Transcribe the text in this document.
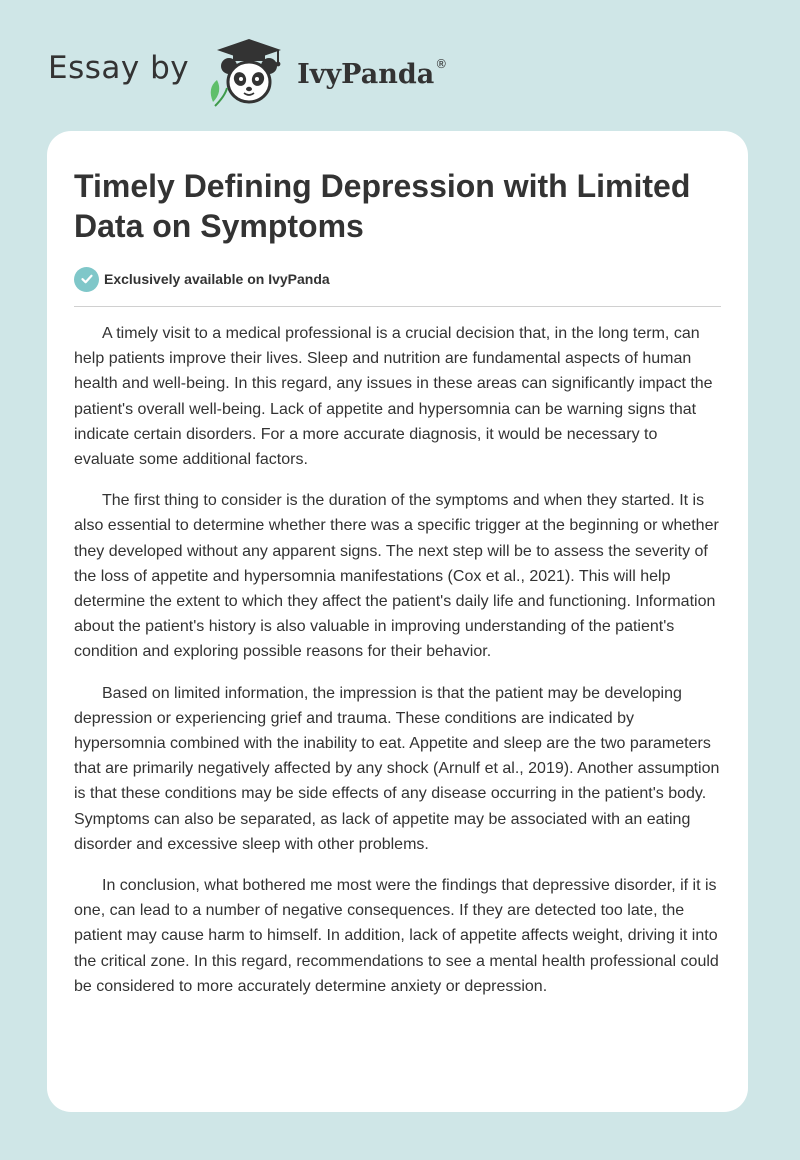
Essay by	IvyPanda ®
Timely Defining Depression with Limited Data on Symptoms
Exclusively available on IvyPanda

A timely visit to a medical professional is a crucial decision that, in the long term, can help patients improve their lives. Sleep and nutrition are fundamental aspects of human health and well-being. In this regard, any issues in these areas can significantly impact the patient's overall well-being. Lack of appetite and hypersomnia can be warning signs that indicate certain disorders. For a more accurate diagnosis, it would be necessary to evaluate some additional factors.

The first thing to consider is the duration of the symptoms and when they started. It is also essential to determine whether there was a specific trigger at the beginning or whether they developed without any apparent signs. The next step will be to assess the severity of the loss of appetite and hypersomnia manifestations (Cox et al., 2021). This will help determine the extent to which they affect the patient's daily life and functioning. Information about the patient's history is also valuable in improving understanding of the patient's condition and exploring possible reasons for their behavior.

Based on limited information, the impression is that the patient may be developing depression or experiencing grief and trauma. These conditions are indicated by hypersomnia combined with the inability to eat. Appetite and sleep are the two parameters that are primarily negatively affected by any shock (Arnulf et al., 2019). Another assumption is that these conditions may be side effects of any disease occurring in the patient's body. Symptoms can also be separated, as lack of appetite may be associated with an eating disorder and excessive sleep with other problems.

In conclusion, what bothered me most were the findings that depressive disorder, if it is one, can lead to a number of negative consequences. If they are detected too late, the patient may cause harm to himself. In addition, lack of appetite affects weight, driving it into the critical zone. In this regard, recommendations to see a mental health professional could be considered to more accurately determine anxiety or depression.
